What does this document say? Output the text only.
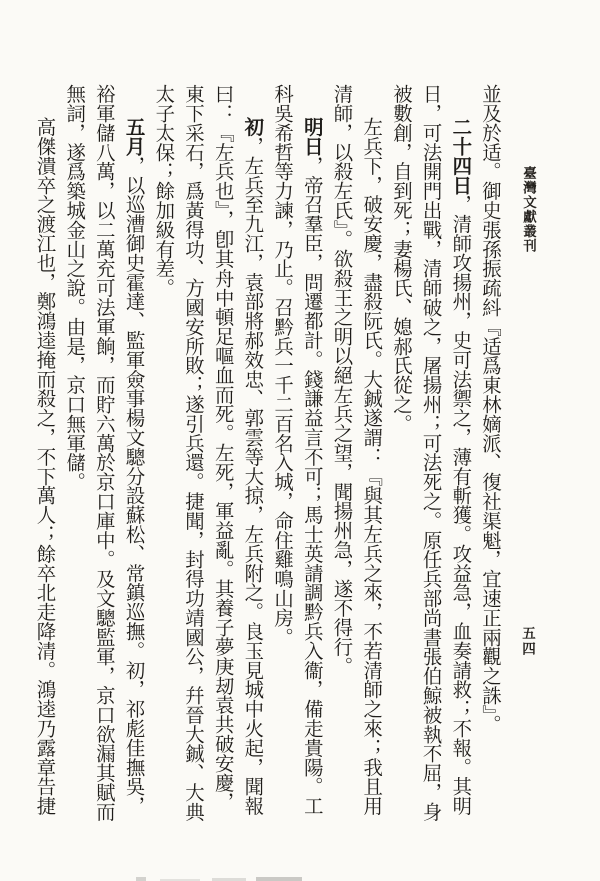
臺灣文獻叢刊
五四

並及於适。御史張孫振疏紏『适爲東林嫡派、復社渠魁，宜速正兩觀之誅』。

二十四日，清師攻揚州，史可法禦之，薄有斬獲。攻益急，血奏請救；不報。其明日，可法開門出戰，清師破之，屠揚州；可法死之。原任兵部尚書張伯鯨被執不屈，身被數創，自到死；妻楊氏、媳郝氏從之。

左兵下，破安慶，盡殺阮氏。大鋮遂謂：『與其左兵之來，不若清師之來；我且用清師，以殺左氏』。欲殺王之明以絕左兵之望，聞揚州急，遂不得行。

明日，帝召羣臣，問遷都計。錢謙益言不可；馬士英請調黔兵入衞，備走貴陽。工科吳希哲等力諫，乃止。召黔兵一千二百名入城，命住雞鳴山房。

初，左兵至九江，袁部將郝效忠、郭雲等大掠，左兵附之。良玉見城中火起，聞報曰：『左兵也』，卽其舟中頓足嘔血而死。左死，軍益亂。其養子夢庚刼袁共破安慶，東下采石，爲黃得功、方國安所敗；遂引兵還。捷聞，封得功靖國公，幷晉大鋮、大典太子太保；餘加級有差。

五月，以巡漕御史霍達、監軍僉事楊文驄分設蘇松、常鎮巡撫。初，祁彪佳撫吳，裕軍儲八萬，以二萬充可法軍餉，而貯六萬於京口庫中。及文驄監軍，京口欲漏其賦而無詞，遂爲築城金山之說。由是，京口無軍儲。

高傑潰卒之渡江也，鄭鴻逵掩而殺之，不下萬人；餘卒北走降清。鴻逵乃露章告捷
